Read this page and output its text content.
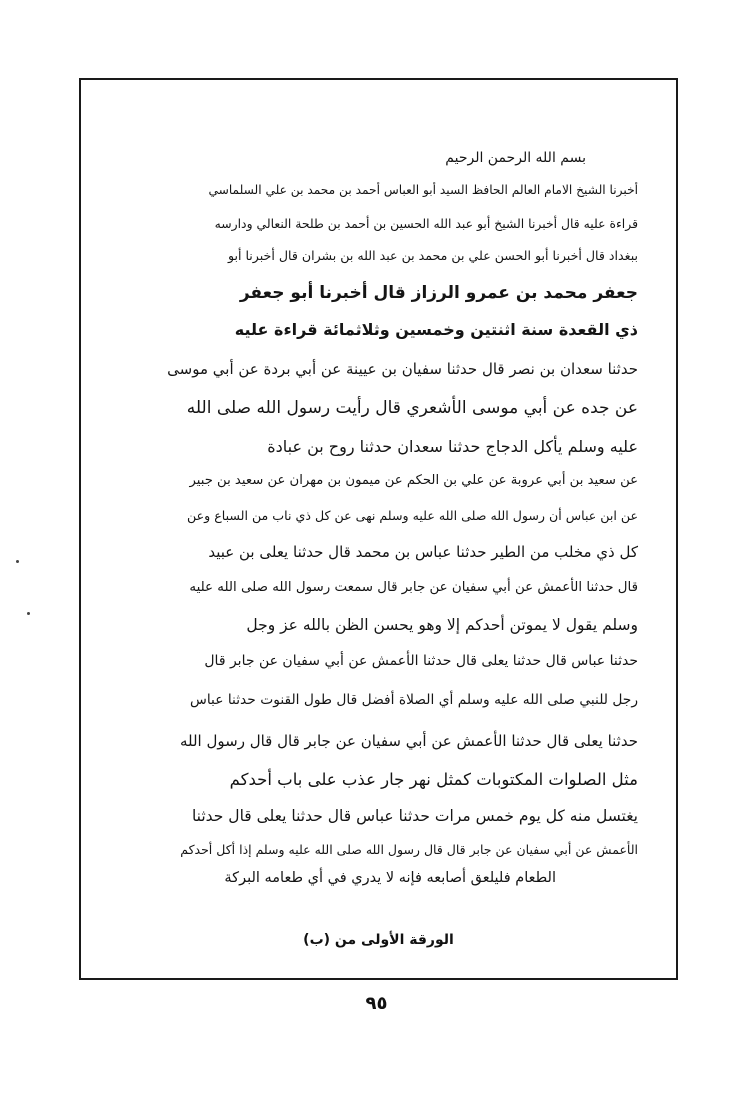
بسم الله الرحمن الرحيم
أخبرنا الشيخ الامام العالم الحافظ السيد أبو العباس أحمد بن محمد بن علي السلماسي
قراءة عليه قال أخبرنا الشيخ أبو عبد الله الحسين بن أحمد بن طلحة النعالي ودارسه
ببغداد قال أخبرنا أبو الحسن علي بن محمد بن عبد الله بن بشران قال أخبرنا أبو
جعفر محمد بن عمرو الرزاز قال أخبرنا أبو جعفر
ذي القعدة سنة اثنتين وخمسين وثلاثمائة قراءة عليه
حدثنا سعدان بن نصر قال حدثنا سفيان بن عيينة عن أبي بردة عن أبي موسى
عن جده عن أبي موسى الأشعري قال رأيت رسول الله صلى الله
عليه وسلم يأكل الدجاج حدثنا سعدان حدثنا روح بن عبادة
عن سعيد بن أبي عروبة عن علي بن الحكم عن ميمون بن مهران عن سعيد بن جبير
عن ابن عباس أن رسول الله صلى الله عليه وسلم نهى عن كل ذي ناب من السباع وعن
كل ذي مخلب من الطير حدثنا عباس بن محمد قال حدثنا يعلى بن عبيد
قال حدثنا الأعمش عن أبي سفيان عن جابر قال سمعت رسول الله صلى الله عليه
وسلم يقول لا يموتن أحدكم إلا وهو يحسن الظن بالله عز وجل
حدثنا عباس قال حدثنا يعلى قال حدثنا الأعمش عن أبي سفيان عن جابر قال
رجل للنبي صلى الله عليه وسلم أي الصلاة أفضل قال طول القنوت حدثنا عباس
حدثنا يعلى قال حدثنا الأعمش عن أبي سفيان عن جابر قال قال رسول الله
مثل الصلوات المكتوبات كمثل نهر جار عذب على باب أحدكم
يغتسل منه كل يوم خمس مرات حدثنا عباس قال حدثنا يعلى قال حدثنا
الأعمش عن أبي سفيان عن جابر قال قال رسول الله صلى الله عليه وسلم إذا أكل أحدكم
الطعام فليلعق أصابعه فإنه لا يدري في أي طعامه البركة
الورقة الأولى من (ب)
٩٥
